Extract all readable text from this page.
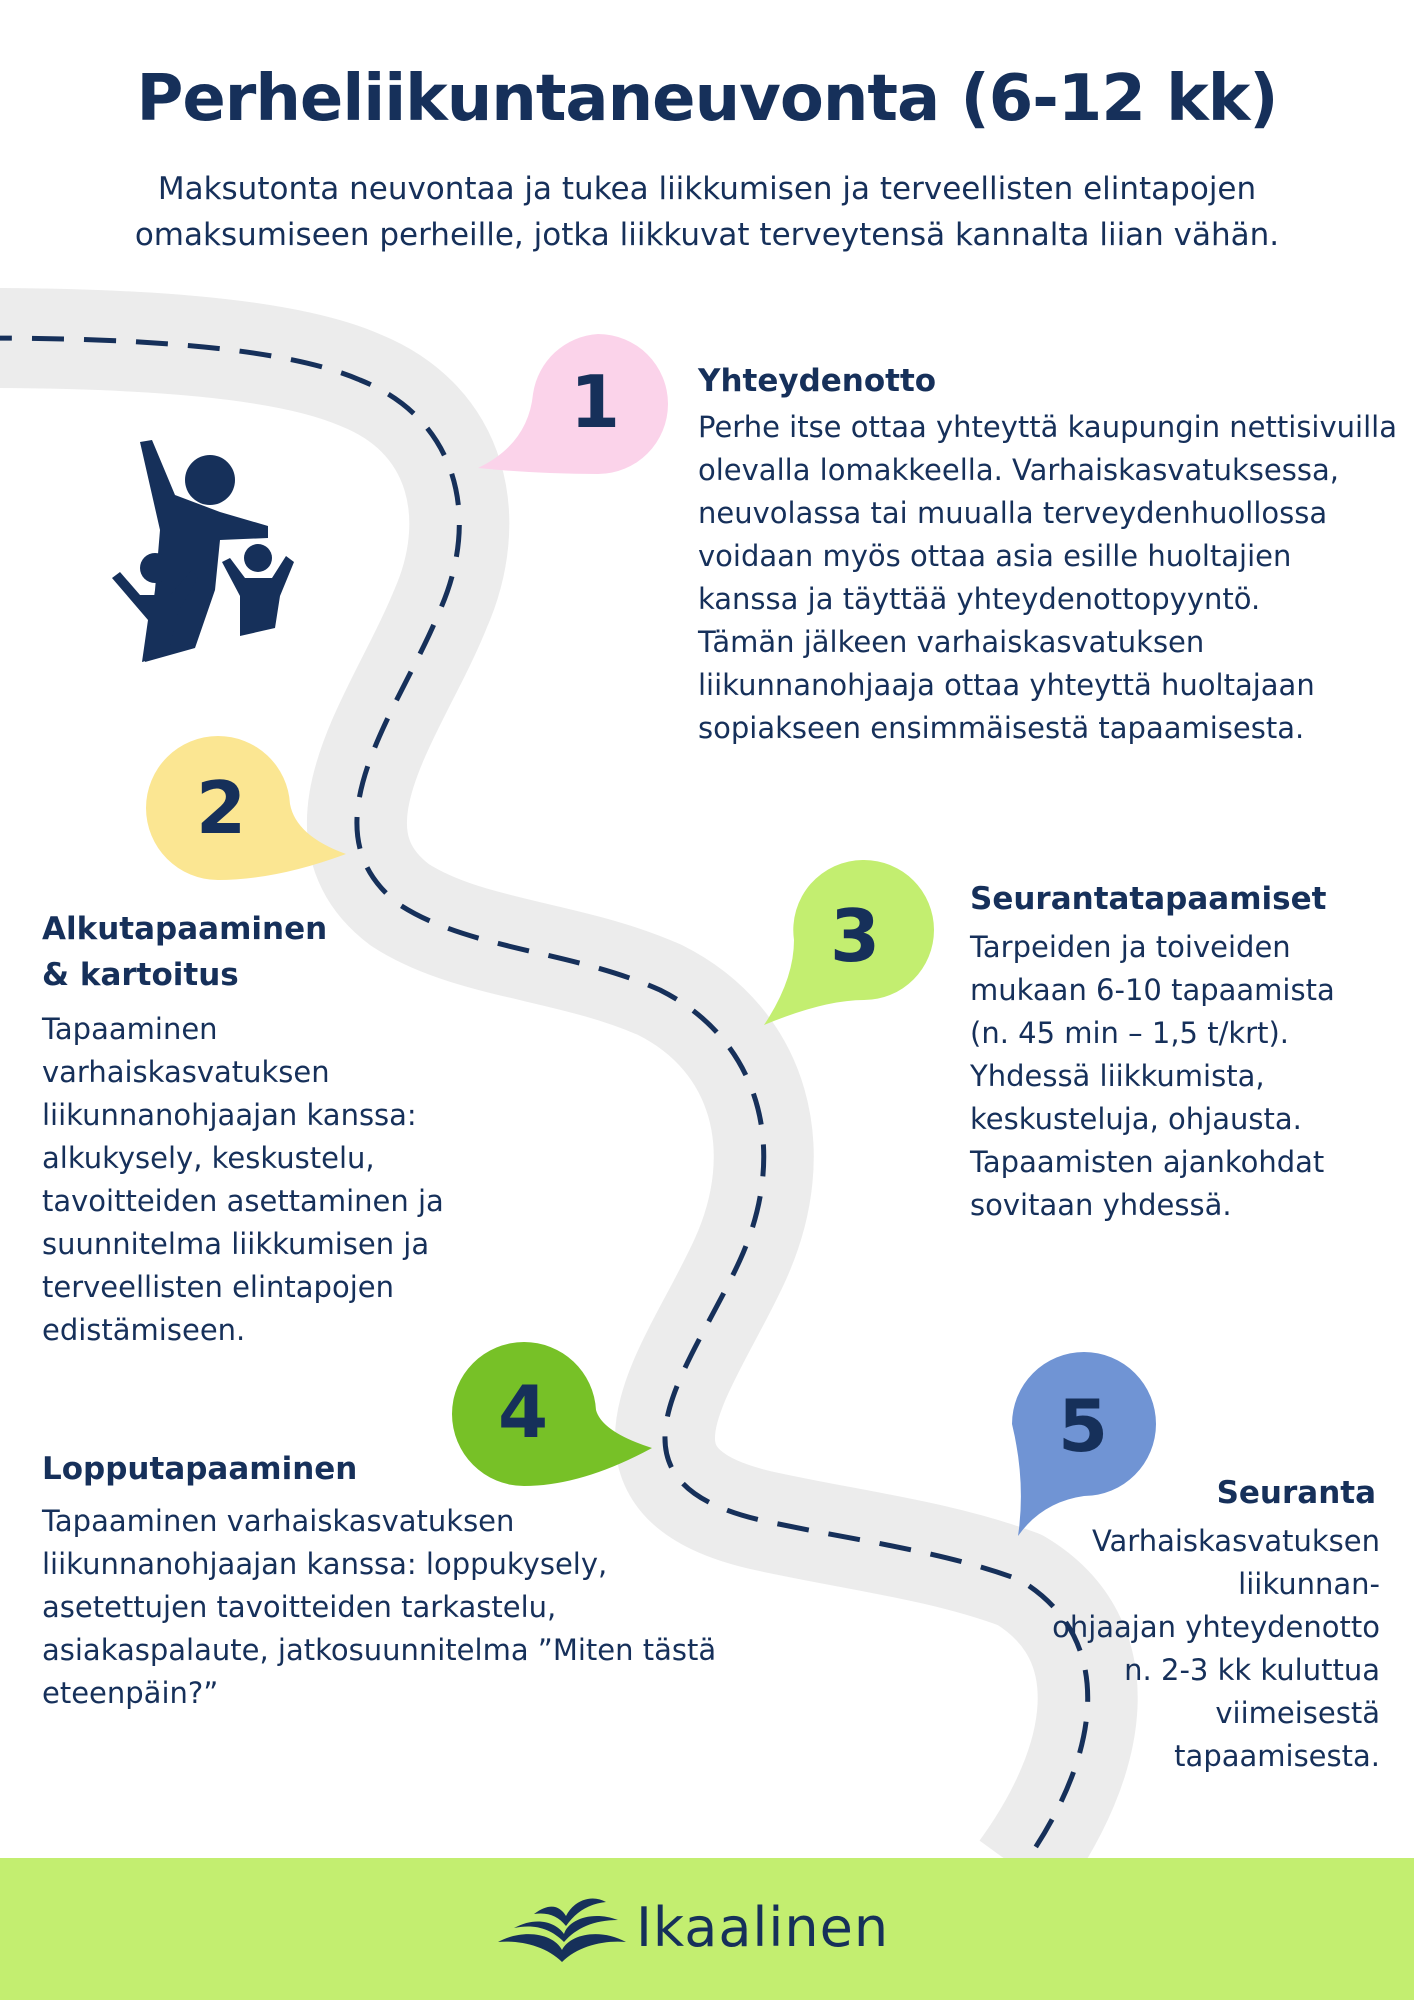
Perheliikuntaneuvonta (6-12 kk)
Maksutonta neuvontaa ja tukea liikkumisen ja terveellisten elintapojen omaksumiseen perheille, jotka liikkuvat terveytensä kannalta liian vähän.
1	Yhteydenotto
Perhe itse ottaa yhteyttä kaupungin nettisivuilla olevalla lomakkeella. Varhaiskasvatuksessa, neuvolassa tai muualla terveydenhuollossa voidaan myös ottaa asia esille huoltajien kanssa ja täyttää yhteydenottopyyntö.
Tämän jälkeen varhaiskasvatuksen liikunnanohjaaja ottaa yhteyttä huoltajaan sopiakseen ensimmäisestä tapaamisesta.
2
Alkutapaaminen
& kartoitus
Tapaaminen varhaiskasvatuksen liikunnanohjaajan kanssa: alkukysely, keskustelu, tavoitteiden asettaminen ja suunnitelma liikkumisen ja terveellisten elintapojen edistämiseen.
3	Seurantatapaamiset
Tarpeiden ja toiveiden mukaan 6-10 tapaamista (n. 45 min – 1,5 t/krt). Yhdessä liikkumista, keskusteluja, ohjausta. Tapaamisten ajankohdat sovitaan yhdessä.
4
Lopputapaaminen
Tapaaminen varhaiskasvatuksen liikunnanohjaajan kanssa: loppukysely, asetettujen tavoitteiden tarkastelu, asiakaspalaute, jatkosuunnitelma ”Miten tästä eteenpäin?”
5
Seuranta
Varhaiskasvatuksen liikunnan-
ohjaajan yhteydenotto
n. 2-3 kk kuluttua viimeisestä tapaamisesta.
Ikaalinen
